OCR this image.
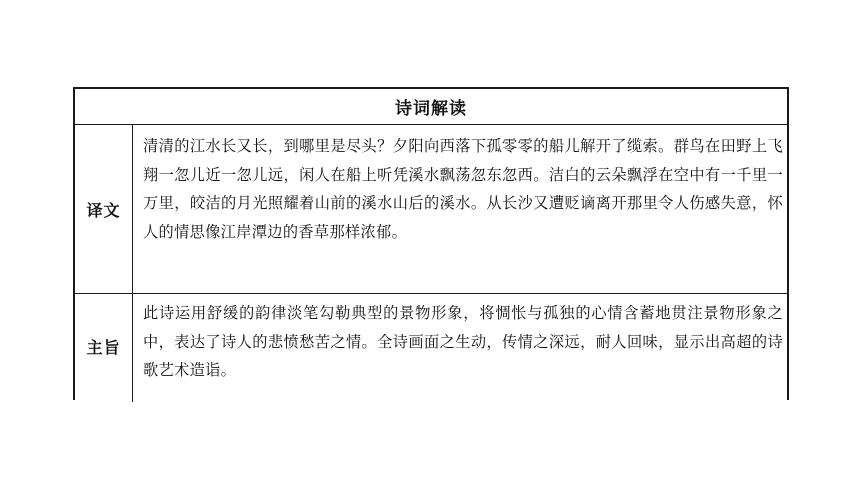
诗词解读
译文
清清的江水长又长，到哪里是尽头？夕阳向西落下孤零零的船儿解开了缆索。群鸟在田野上飞翔一忽儿近一忽儿远，闲人在船上听凭溪水飘荡忽东忽西。洁白的云朵飘浮在空中有一千里一万里，皎洁的月光照耀着山前的溪水山后的溪水。从长沙又遭贬谪离开那里令人伤感失意，怀人的情思像江岸潭边的香草那样浓郁。
主旨
此诗运用舒缓的韵律淡笔勾勒典型的景物形象，将惆怅与孤独的心情含蓄地贯注景物形象之中，表达了诗人的悲愤愁苦之情。全诗画面之生动，传情之深远，耐人回味，显示出高超的诗歌艺术造诣。
